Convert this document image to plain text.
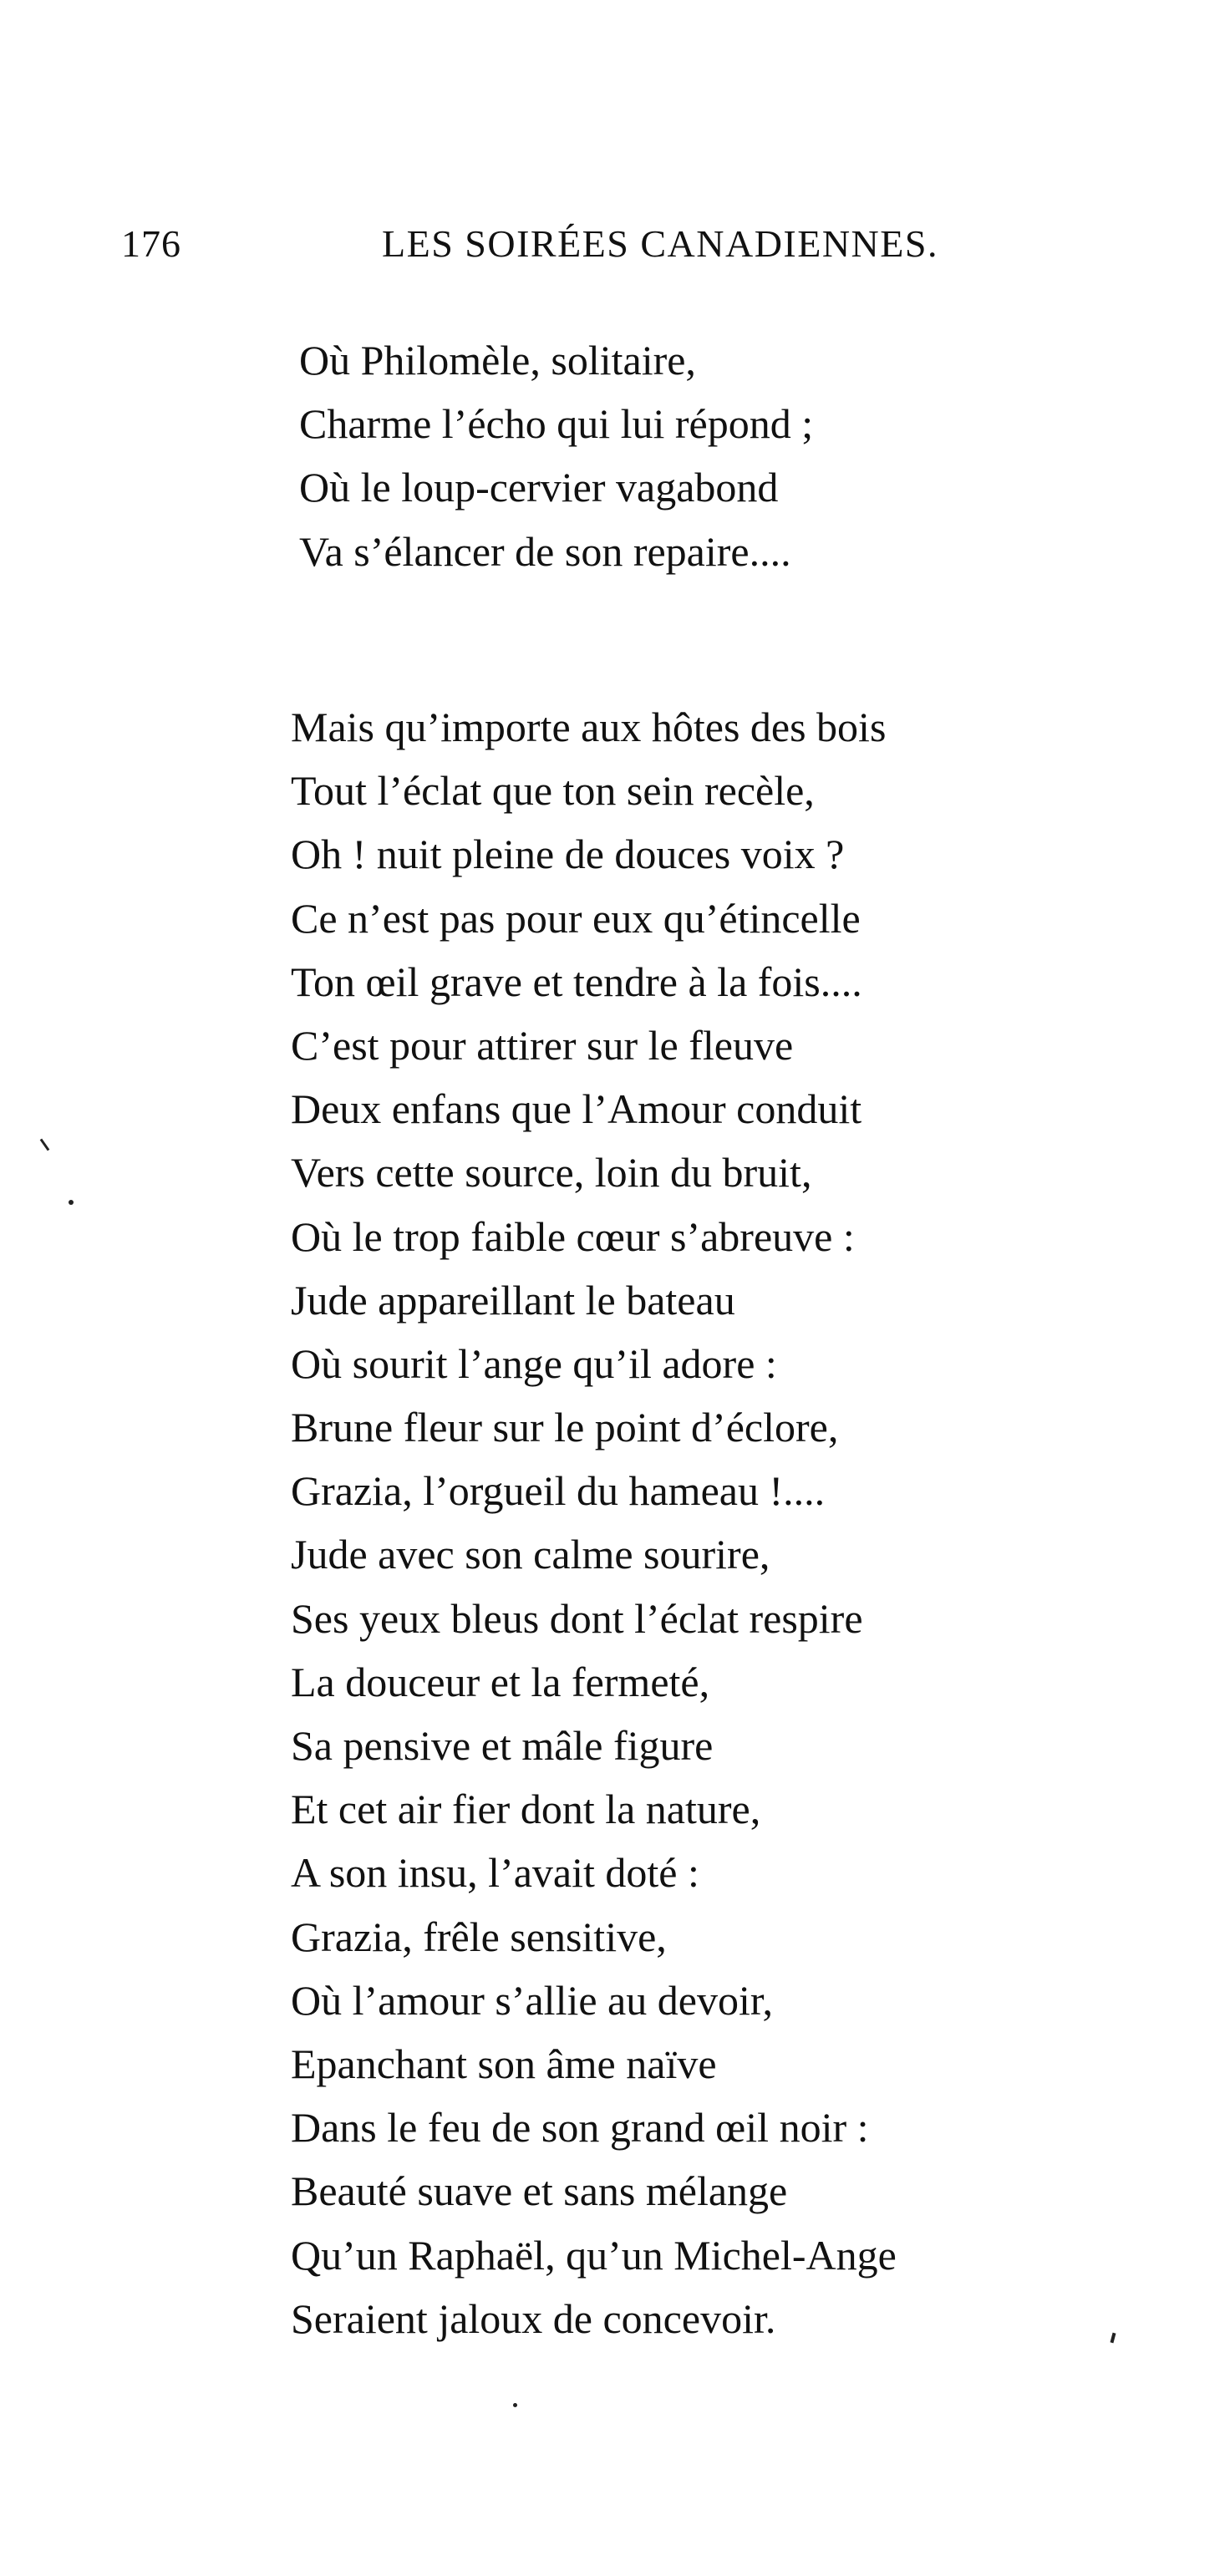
176	LES SOIRÉES CANADIENNES.
Où Philomèle, solitaire,
Charme l’écho qui lui répond ;
Où le loup-cervier vagabond
Va s’élancer de son repaire....
Mais qu’importe aux hôtes des bois
Tout l’éclat que ton sein recèle,
Oh ! nuit pleine de douces voix ?
Ce n’est pas pour eux qu’étincelle
Ton œil grave et tendre à la fois....
C’est pour attirer sur le fleuve
Deux enfans que l’Amour conduit
Vers cette source, loin du bruit,
Où le trop faible cœur s’abreuve :
Jude appareillant le bateau
Où sourit l’ange qu’il adore :
Brune fleur sur le point d’éclore,
Grazia, l’orgueil du hameau !....
Jude avec son calme sourire,
Ses yeux bleus dont l’éclat respire
La douceur et la fermeté,
Sa pensive et mâle figure
Et cet air fier dont la nature,
A son insu, l’avait doté :
Grazia, frêle sensitive,
Où l’amour s’allie au devoir,
Epanchant son âme naïve
Dans le feu de son grand œil noir :
Beauté suave et sans mélange
Qu’un Raphaël, qu’un Michel-Ange
Seraient jaloux de concevoir.
